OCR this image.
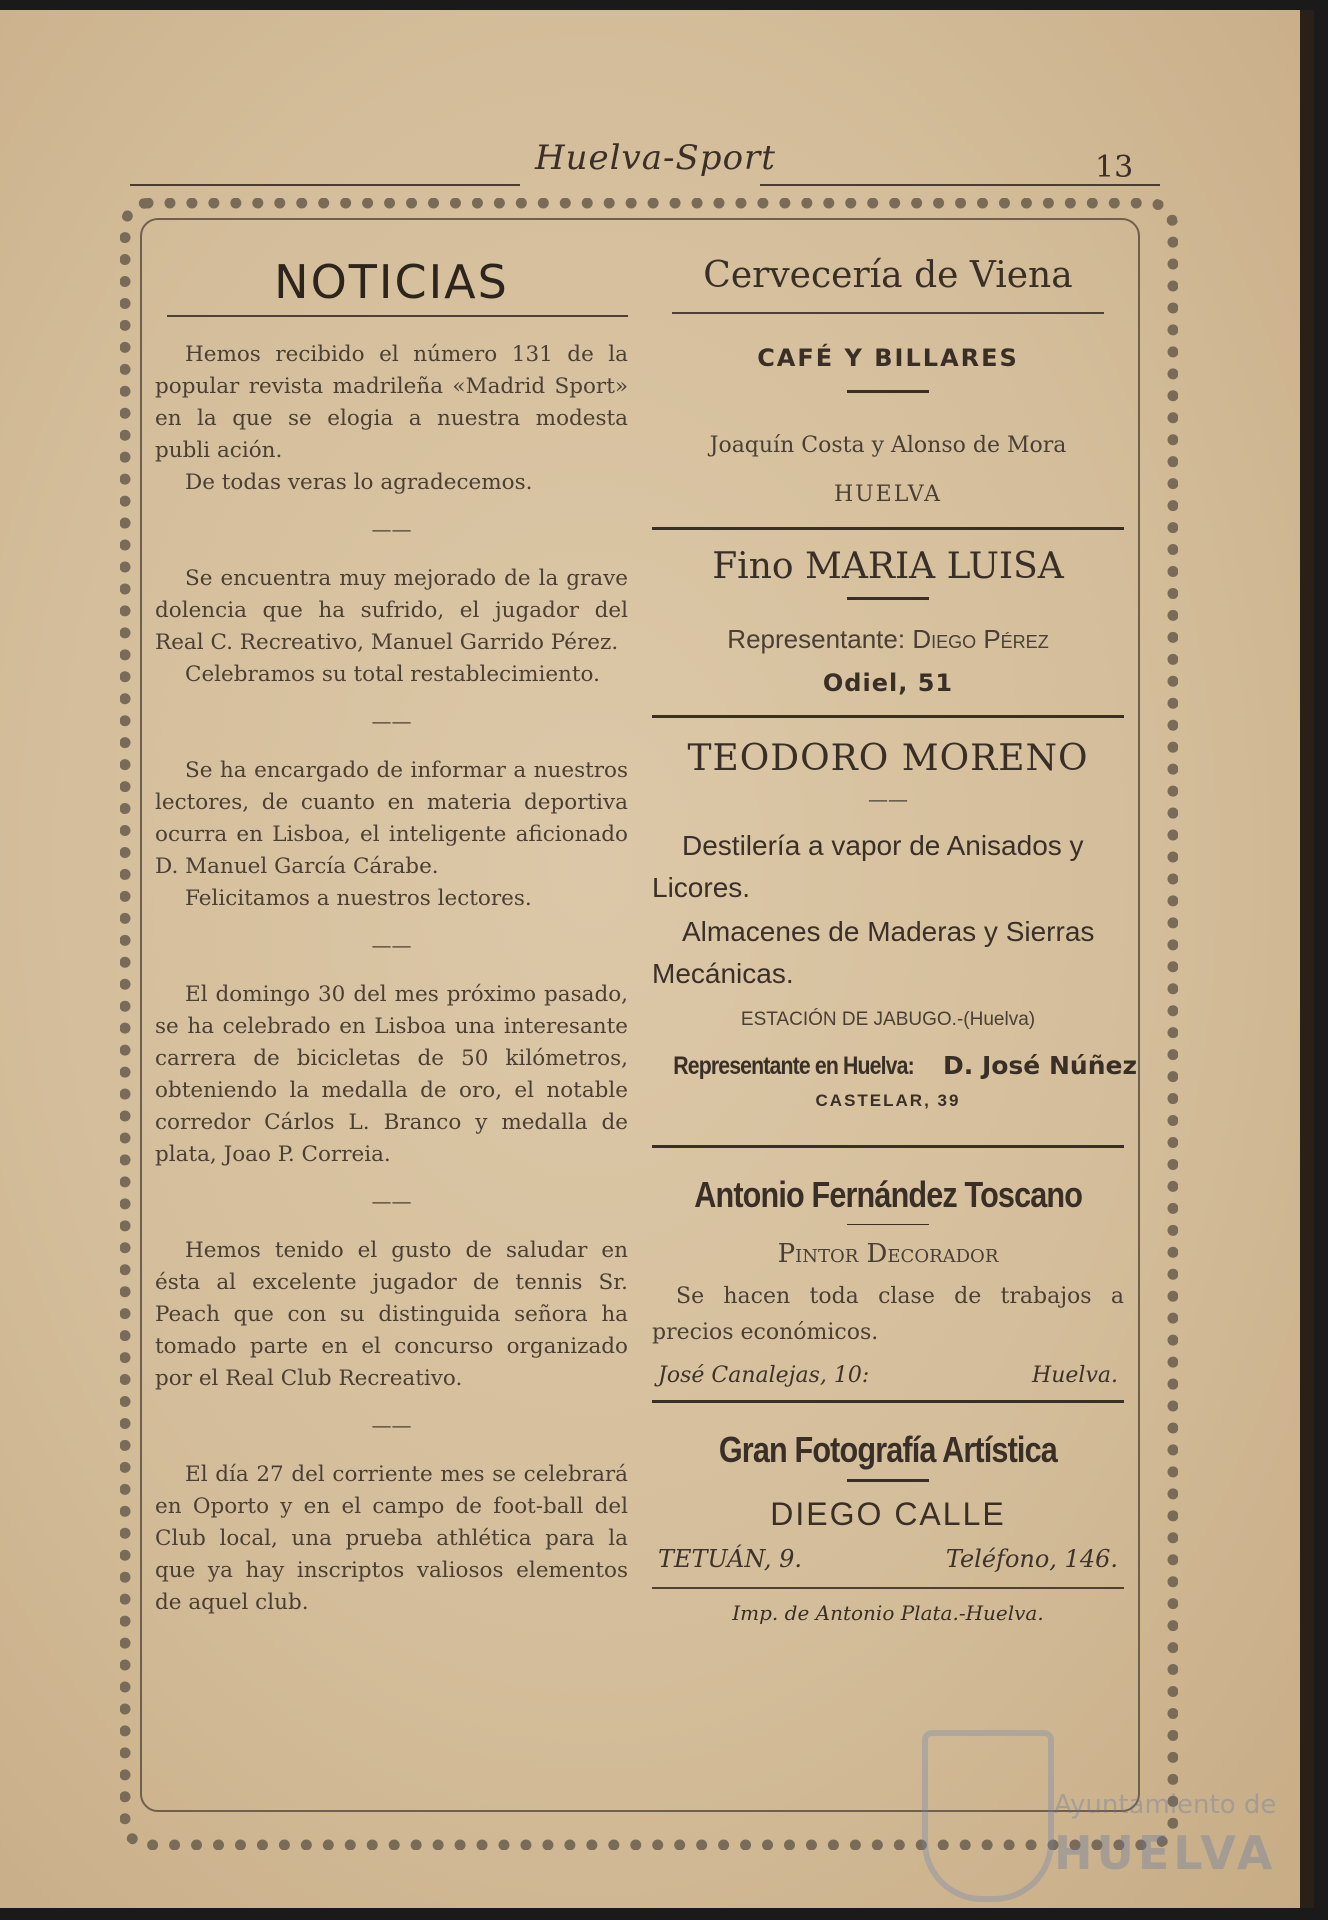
Huelva-Sport	13
NOTICIAS

Hemos recibido el número 131 de la popular revista madrileña «Madrid Sport» en la que se elogia a nuestra modesta publi ación.

De todas veras lo agradecemos.

——

Se encuentra muy mejorado de la grave dolencia que ha sufrido, el jugador del Real C. Recreativo, Manuel Garrido Pérez.

Celebramos su total restablecimiento.

——

Se ha encargado de informar a nuestros lectores, de cuanto en materia deportiva ocurra en Lisboa, el inteligente aficionado D. Manuel García Cárabe.

Felicitamos a nuestros lectores.

——

El domingo 30 del mes próximo pasado, se ha celebrado en Lisboa una interesante carrera de bicicletas de 50 kilómetros, obteniendo la medalla de oro, el notable corredor Cárlos L. Branco y medalla de plata, Joao P. Correia.

——

Hemos tenido el gusto de saludar en ésta al excelente jugador de tennis Sr. Peach que con su distinguida señora ha tomado parte en el concurso organizado por el Real Club Recreativo.

——

El día 27 del corriente mes se celebrará en Oporto y en el campo de foot-ball del Club local, una prueba athlética para la que ya hay inscriptos valiosos elementos de aquel club.

Cervecería de Viena
CAFÉ Y BILLARES
Joaquín Costa y Alonso de Mora
HUELVA
Fino MARIA LUISA
Representante: Diego Pérez
Odiel, 51
TEODORO MORENO
——

Destilería a vapor de Anisados y Licores.

Almacenes de Maderas y Sierras Mecánicas.

ESTACIÓN DE JABUGO.-(Huelva)
Representante en Huelva: D. José Núñez
CASTELAR, 39
Antonio Fernández Toscano
Pintor Decorador
Se hacen toda clase de trabajos a precios económicos.
José Canalejas, 10:	Huelva.
Gran Fotografía Artística
DIEGO CALLE
TETUÁN, 9.	Teléfono, 146.
Imp. de Antonio Plata.-Huelva.
Ayuntamiento de
HUELVA
